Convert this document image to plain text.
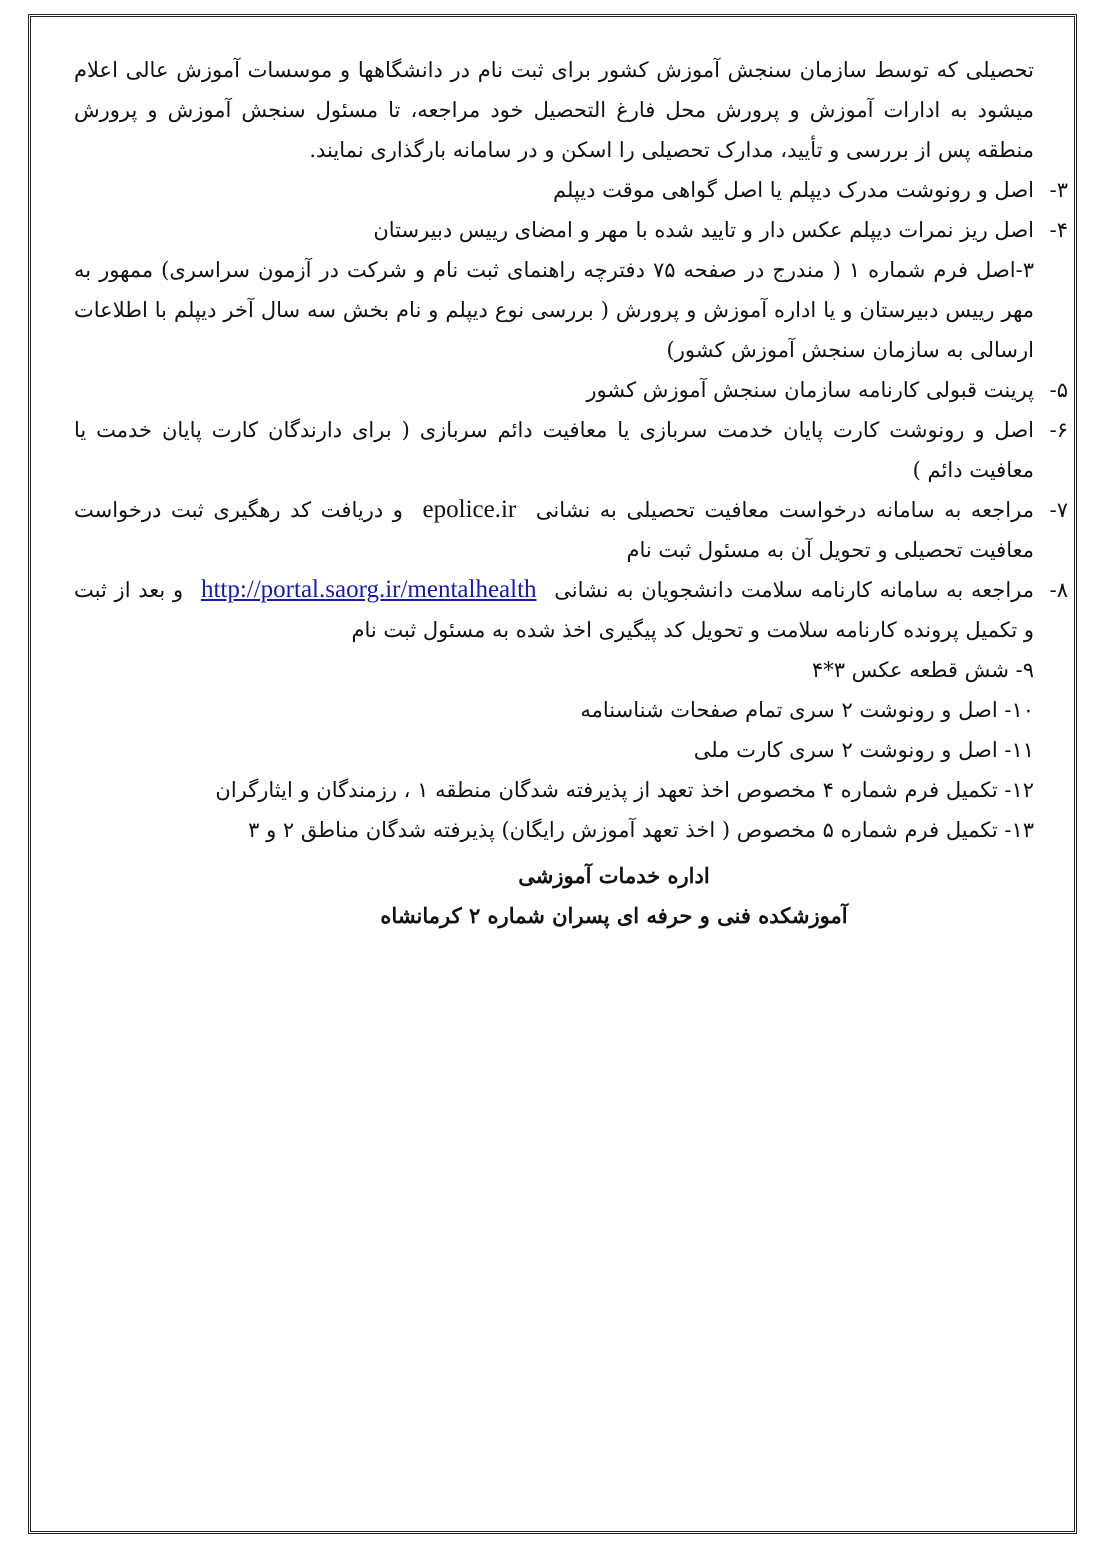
تحصیلی که توسط سازمان سنجش آموزش کشور برای ثبت نام در دانشگاهها و موسسات آموزش عالی اعلام میشود به ادارات آموزش و پرورش محل فارغ التحصیل خود مراجعه، تا مسئول سنجش آموزش و پرورش منطقه پس از بررسی و تأیید، مدارک تحصیلی را اسکن و در سامانه بارگذاری نمایند.

۳-
اصل و رونوشت مدرک دیپلم یا اصل گواهی موقت دیپلم
۴-
اصل ریز نمرات دیپلم عکس دار و تایید شده با مهر و امضای رییس دبیرستان
۳-اصل فرم شماره ۱ ( مندرج در صفحه ۷۵ دفترچه راهنمای ثبت نام و شرکت در آزمون سراسری) ممهور به مهر رییس دبیرستان و یا اداره آموزش و پرورش ( بررسی نوع دیپلم و نام بخش سه سال آخر دیپلم با اطلاعات ارسالی به سازمان سنجش آموزش کشور)
۵-
پرینت قبولی کارنامه سازمان سنجش آموزش کشور
۶-
اصل و رونوشت کارت پایان خدمت سربازی یا معافیت دائم سربازی ( برای دارندگان کارت پایان خدمت یا معافیت دائم )
۷-
مراجعه به سامانه درخواست معافیت تحصیلی به نشانی epolice.ir و دریافت کد رهگیری ثبت درخواست معافیت تحصیلی و تحویل آن به مسئول ثبت نام
۸-
مراجعه به سامانه کارنامه سلامت دانشجویان به نشانی http://portal.saorg.ir/mentalhealth و بعد از ثبت و تکمیل پرونده کارنامه سلامت و تحویل کد پیگیری اخذ شده به مسئول ثبت نام
۹- شش قطعه عکس ۳*۴
۱۰- اصل و رونوشت ۲ سری تمام صفحات شناسنامه
۱۱- اصل و رونوشت ۲ سری کارت ملی
۱۲- تکمیل فرم شماره ۴ مخصوص اخذ تعهد از پذیرفته شدگان منطقه ۱ ، رزمندگان و ایثارگران
۱۳- تکمیل فرم شماره ۵ مخصوص ( اخذ تعهد آموزش رایگان) پذیرفته شدگان مناطق ۲ و ۳
اداره خدمات آموزشی
آموزشکده فنی و حرفه ای پسران شماره ۲ کرمانشاه
